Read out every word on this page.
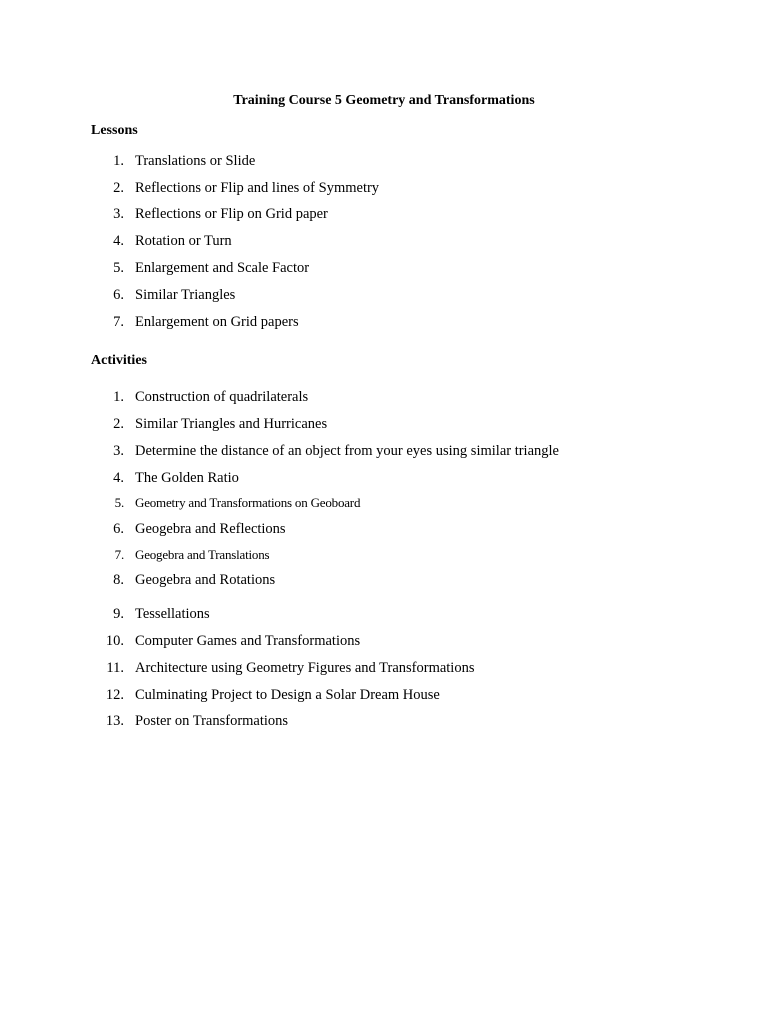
Training Course 5 Geometry and Transformations
Lessons
1. Translations or Slide
2. Reflections or Flip and lines of Symmetry
3. Reflections or Flip on Grid paper
4. Rotation or Turn
5. Enlargement and Scale Factor
6. Similar Triangles
7. Enlargement on Grid papers
Activities
1. Construction of quadrilaterals
2. Similar Triangles and Hurricanes
3. Determine the distance of an object from your eyes using similar triangle
4. The Golden Ratio
5. Geometry and Transformations on Geoboard
6. Geogebra and Reflections
7. Geogebra and Translations
8. Geogebra and Rotations
9. Tessellations
10. Computer Games and Transformations
11. Architecture using Geometry Figures and Transformations
12. Culminating Project to Design a Solar Dream House
13. Poster on Transformations
